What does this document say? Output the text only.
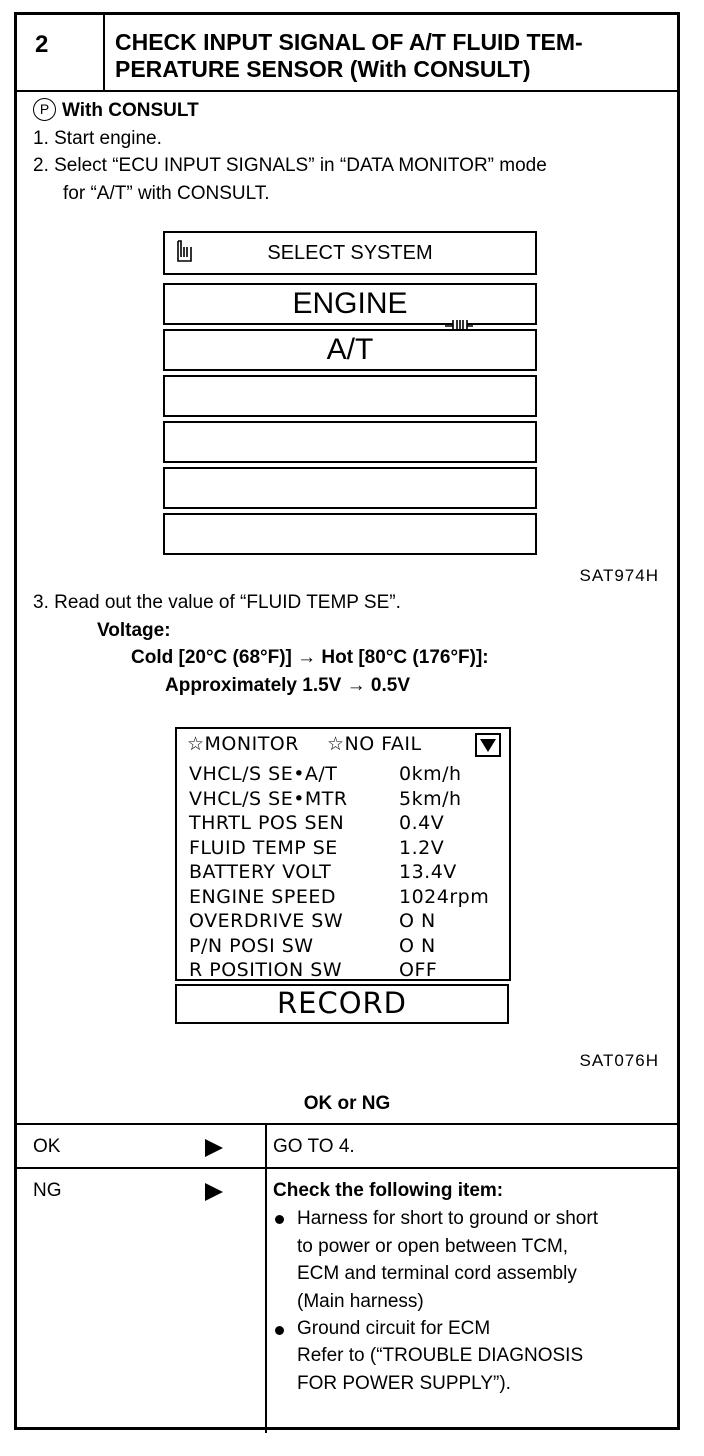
2	CHECK INPUT SIGNAL OF A/T FLUID TEM-
PERATURE SENSOR (With CONSULT)
P With CONSULT
1. Start engine.
2. Select “ECU INPUT SIGNALS” in “DATA MONITOR” mode
for “A/T” with CONSULT.
SELECT SYSTEM
ENGINE
A/T
SAT974H
3. Read out the value of “FLUID TEMP SE”.
Voltage:
Cold [20°C (68°F)] → Hot [80°C (176°F)]:
Approximately 1.5V → 0.5V
☆MONITOR ☆NO FAIL
VHCL/S SE•A/T	0km/h
VHCL/S SE•MTR	5km/h
THRTL POS SEN	0.4V
FLUID TEMP SE	1.2V
BATTERY VOLT	13.4V
ENGINE SPEED	1024rpm
OVERDRIVE SW	O N
P/N POSI SW	O N
R POSITION SW	OFF
RECORD
SAT076H
OK or NG
OK	GO TO 4.
NG	Check the following item:
Harness for short to ground or short
to power or open between TCM,
ECM and terminal cord assembly
(Main harness)
Ground circuit for ECM
Refer to (“TROUBLE DIAGNOSIS
FOR POWER SUPPLY”).
